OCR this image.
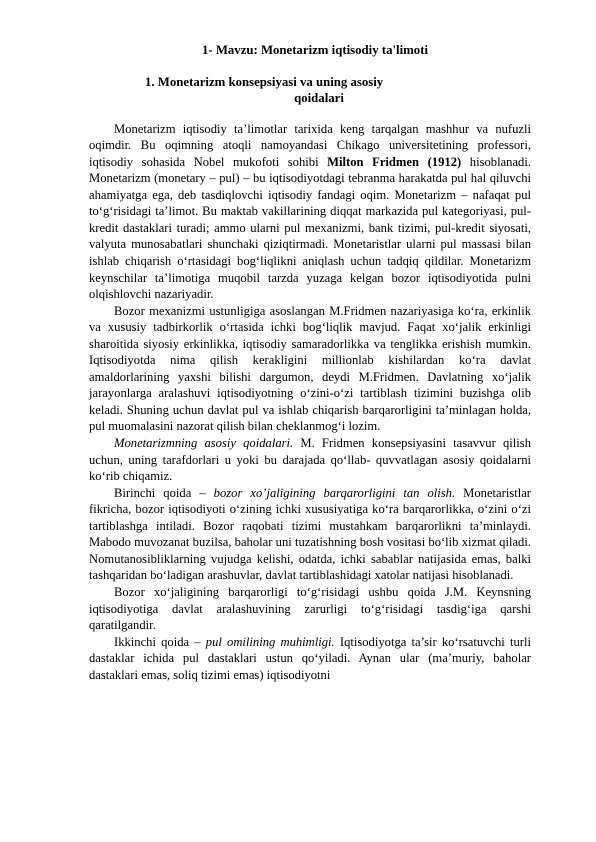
1- Mavzu: Monetarizm iqtisodiy ta'limoti
1. Monetarizm konsepsiyasi va uning asosiy
qoidalari

Monetarizm iqtisodiy ta’limotlar tarixida keng tarqalgan mashhur va nufuzli oqimdir. Bu oqimning atoqli namoyandasi Chikago universitetining professori, iqtisodiy sohasida Nobel mukofoti sohibi Milton Fridmen (1912) hisoblanadi. Monetarizm (monetary – pul) – bu iqtisodiyotdagi tebranma harakatda pul hal qiluvchi ahamiyatga ega, deb tasdiqlovchi iqtisodiy fandagi oqim. Monetarizm – nafaqat pul to‘g‘risidagi ta’limot. Bu maktab vakillarining diqqat markazida pul kategoriyasi, pul-kredit dastaklari turadi; ammo ularni pul mexanizmi, bank tizimi, pul-kredit siyosati, valyuta munosabatlari shunchaki qiziqtirmadi. Monetaristlar ularni pul massasi bilan ishlab chiqarish o‘rtasidagi bog‘liqlikni aniqlash uchun tadqiq qildilar. Monetarizm keynschilar ta’limotiga muqobil tarzda yuzaga kelgan bozor iqtisodiyotida pulni olqishlovchi nazariyadir.

Bozor mexanizmi ustunligiga asoslangan M.Fridmen nazariyasiga ko‘ra, erkinlik va xususiy tadbirkorlik o‘rtasida ichki bog‘liqlik mavjud. Faqat xo‘jalik erkinligi sharoitida siyosiy erkinlikka, iqtisodiy samaradorlikka va tenglikka erishish mumkin. Iqtisodiyotda nima qilish kerakligini millionlab kishilardan ko‘ra davlat amaldorlarining yaxshi bilishi dargumon, deydi M.Fridmen. Davlatning xo‘jalik jarayonlarga aralashuvi iqtisodiyotning o‘zini-o‘zi tartiblash tizimini buzishga olib keladi. Shuning uchun davlat pul va ishlab chiqarish barqarorligini ta’minlagan holda, pul muomalasini nazorat qilish bilan cheklanmog‘i lozim.

Monetarizmning asosiy qoidalari. M. Fridmen konsepsiyasini tasavvur qilish uchun, uning tarafdorlari u yoki bu darajada qo‘llab- quvvatlagan asosiy qoidalarni ko‘rib chiqamiz.

Birinchi qoida – bozor xo’jaligining barqarorligini tan olish. Monetaristlar fikricha, bozor iqtisodiyoti o‘zining ichki xususiyatiga ko‘ra barqarorlikka, o‘zini o‘zi tartiblashga intiladi. Bozor raqobati tizimi mustahkam barqarorlikni ta’minlaydi. Mabodo muvozanat buzilsa, baholar uni tuzatishning bosh vositasi bo‘lib xizmat qiladi. Nomutanosibliklarning vujudga kelishi, odatda, ichki sabablar natijasida emas, balki tashqaridan bo‘ladigan arashuvlar, davlat tartiblashidagi xatolar natijasi hisoblanadi.

Bozor xo‘jaligining barqarorligi to‘g‘risidagi ushbu qoida J.M. Keynsning iqtisodiyotiga davlat aralashuvining zarurligi to‘g‘risidagi tasdig‘iga qarshi qaratilgandir.

Ikkinchi qoida – pul omilining muhimligi. Iqtisodiyotga ta’sir ko‘rsatuvchi turli dastaklar ichida pul dastaklari ustun qo‘yiladi. Aynan ular (ma’muriy, baholar dastaklari emas, soliq tizimi emas) iqtisodiyotni
